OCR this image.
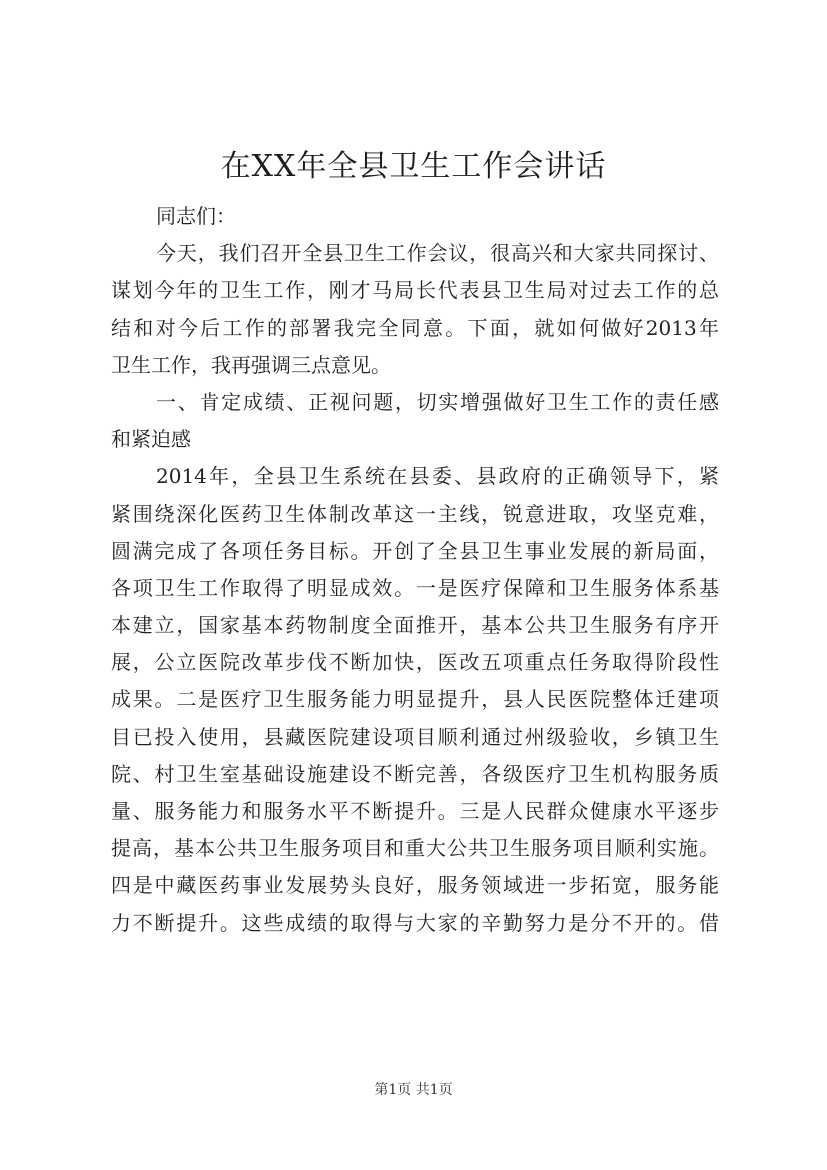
在XX年全县卫生工作会讲话
同志们：
今天，我们召开全县卫生工作会议，很高兴和大家共同探讨、
谋划今年的卫生工作，刚才马局长代表县卫生局对过去工作的总
结和对今后工作的部署我完全同意。下面，就如何做好2013年
卫生工作，我再强调三点意见。
一、肯定成绩、正视问题，切实增强做好卫生工作的责任感
和紧迫感
2014年，全县卫生系统在县委、县政府的正确领导下，紧
紧围绕深化医药卫生体制改革这一主线，锐意进取，攻坚克难，
圆满完成了各项任务目标。开创了全县卫生事业发展的新局面，
各项卫生工作取得了明显成效。一是医疗保障和卫生服务体系基
本建立，国家基本药物制度全面推开，基本公共卫生服务有序开
展，公立医院改革步伐不断加快，医改五项重点任务取得阶段性
成果。二是医疗卫生服务能力明显提升，县人民医院整体迁建项
目已投入使用，县藏医院建设项目顺利通过州级验收，乡镇卫生
院、村卫生室基础设施建设不断完善，各级医疗卫生机构服务质
量、服务能力和服务水平不断提升。三是人民群众健康水平逐步
提高，基本公共卫生服务项目和重大公共卫生服务项目顺利实施。
四是中藏医药事业发展势头良好，服务领域进一步拓宽，服务能
力不断提升。这些成绩的取得与大家的辛勤努力是分不开的。借
第1页 共1页
